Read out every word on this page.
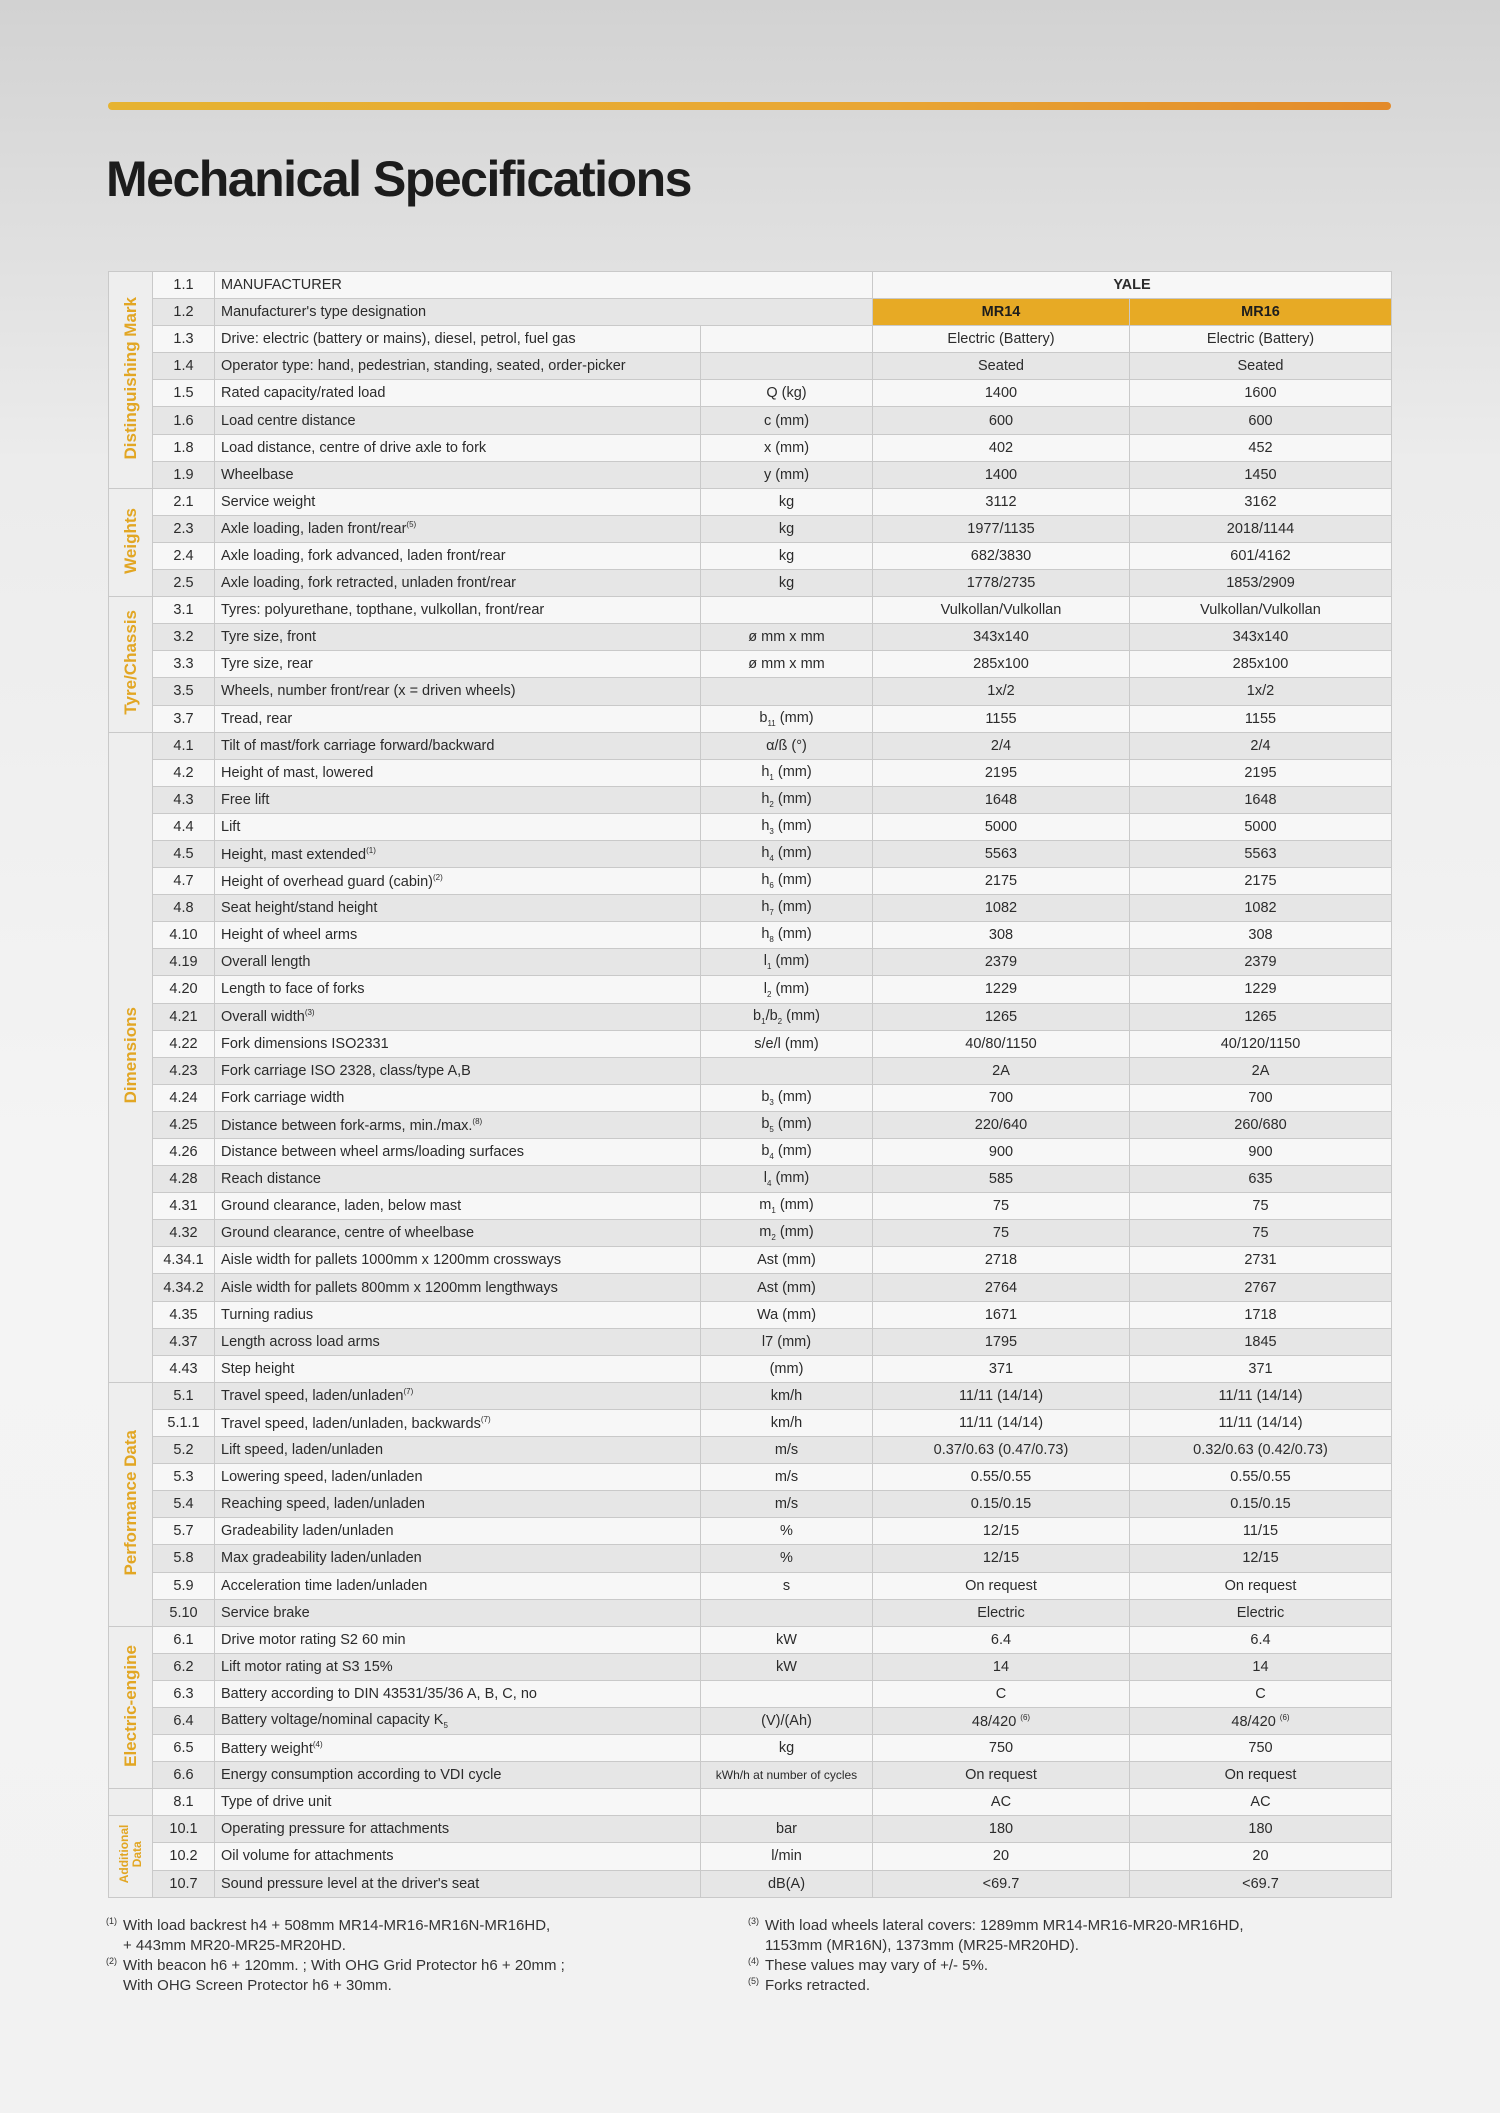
Mechanical Specifications
Distinguishing Mark	1.1	MANUFACTURER		YALE	
	1.2	Manufacturer's type designation		MR14	MR16
	1.3	Drive: electric (battery or mains), diesel, petrol, fuel gas		Electric (Battery)	Electric (Battery)
	1.4	Operator type: hand, pedestrian, standing, seated, order-picker		Seated	Seated
	1.5	Rated capacity/rated load	Q (kg)	1400	1600
	1.6	Load centre distance	c (mm)	600	600
	1.8	Load distance, centre of drive axle to fork	x (mm)	402	452
	1.9	Wheelbase	y (mm)	1400	1450
Weights	2.1	Service weight	kg	3112	3162
	2.3	Axle loading, laden front/rear$^{(5)}$	kg	1977/1135	2018/1144
	2.4	Axle loading, fork advanced, laden front/rear	kg	682/3830	601/4162
	2.5	Axle loading, fork retracted, unladen front/rear	kg	1778/2735	1853/2909
Tyre/Chassis	3.1	Tyres: polyurethane, topthane, vulkollan, front/rear		Vulkollan/Vulkollan	Vulkollan/Vulkollan
	3.2	Tyre size, front	ø mm x mm	343x140	343x140
	3.3	Tyre size, rear	ø mm x mm	285x100	285x100
	3.5	Wheels, number front/rear (x = driven wheels)		1x/2	1x/2
	3.7	Tread, rear	$b_{11}$ (mm)	1155	1155
Dimensions	4.1	Tilt of mast/fork carriage forward/backward	α/ß (°)	2/4	2/4
	4.2	Height of mast, lowered	$h_1$ (mm)	2195	2195
	4.3	Free lift	$h_2$ (mm)	1648	1648
	4.4	Lift	$h_3$ (mm)	5000	5000
	4.5	Height, mast extended$^{(1)}$	$h_4$ (mm)	5563	5563
	4.7	Height of overhead guard (cabin)$^{(2)}$	$h_6$ (mm)	2175	2175
	4.8	Seat height/stand height	$h_7$ (mm)	1082	1082
	4.10	Height of wheel arms	$h_8$ (mm)	308	308
	4.19	Overall length	$l_1$ (mm)	2379	2379
	4.20	Length to face of forks	$l_2$ (mm)	1229	1229
	4.21	Overall width$^{(3)}$	$b_1/b_2$ (mm)	1265	1265
	4.22	Fork dimensions ISO2331	s/e/l (mm)	40/80/1150	40/120/1150
	4.23	Fork carriage ISO 2328, class/type A,B		2A	2A
	4.24	Fork carriage width	$b_3$ (mm)	700	700
	4.25	Distance between fork-arms, min./max.$^{(8)}$	$b_5$ (mm)	220/640	260/680
	4.26	Distance between wheel arms/loading surfaces	$b_4$ (mm)	900	900
	4.28	Reach distance	$l_4$ (mm)	585	635
	4.31	Ground clearance, laden, below mast	$m_1$ (mm)	75	75
	4.32	Ground clearance, centre of wheelbase	$m_2$ (mm)	75	75
	4.34.1	Aisle width for pallets 1000mm x 1200mm crossways	Ast (mm)	2718	2731
	4.34.2	Aisle width for pallets 800mm x 1200mm lengthways	Ast (mm)	2764	2767
	4.35	Turning radius	Wa (mm)	1671	1718
	4.37	Length across load arms	l7 (mm)	1795	1845
	4.43	Step height	(mm)	371	371
Performance Data	5.1	Travel speed, laden/unladen$^{(7)}$	km/h	11/11 (14/14)	11/11 (14/14)
	5.1.1	Travel speed, laden/unladen, backwards$^{(7)}$	km/h	11/11 (14/14)	11/11 (14/14)
	5.2	Lift speed, laden/unladen	m/s	0.37/0.63 (0.47/0.73)	0.32/0.63 (0.42/0.73)
	5.3	Lowering speed, laden/unladen	m/s	0.55/0.55	0.55/0.55
	5.4	Reaching speed, laden/unladen	m/s	0.15/0.15	0.15/0.15
	5.7	Gradeability laden/unladen	%	12/15	11/15
	5.8	Max gradeability laden/unladen	%	12/15	12/15
	5.9	Acceleration time laden/unladen	s	On request	On request
	5.10	Service brake		Electric	Electric
Electric-engine	6.1	Drive motor rating S2 60 min	kW	6.4	6.4
	6.2	Lift motor rating at S3 15%	kW	14	14
	6.3	Battery according to DIN 43531/35/36 A, B, C, no		C	C
	6.4	Battery voltage/nominal capacity $K_5$	(V)/(Ah)	48/420 $^{(6)}$	48/420 $^{(6)}$
	6.5	Battery weight$^{(4)}$	kg	750	750
	6.6	Energy consumption according to VDI cycle	kWh/h at number of cycles	On request	On request
	8.1	Type of drive unit		AC	AC
Additional Data	10.1	Operating pressure for attachments	bar	180	180
	10.2	Oil volume for attachments	l/min	20	20
	10.7	Sound pressure level at the driver's seat	dB(A)	<69.7	<69.7
(1) With load backrest h4 + 508mm MR14-MR16-MR16N-MR16HD,
+ 443mm MR20-MR25-MR20HD.
(2) With beacon h6 + 120mm. ; With OHG Grid Protector h6 + 20mm ;
With OHG Screen Protector h6 + 30mm.
(3) With load wheels lateral covers: 1289mm MR14-MR16-MR20-MR16HD,
1153mm (MR16N), 1373mm (MR25-MR20HD).
(4) These values may vary of +/- 5%.
(5) Forks retracted.
